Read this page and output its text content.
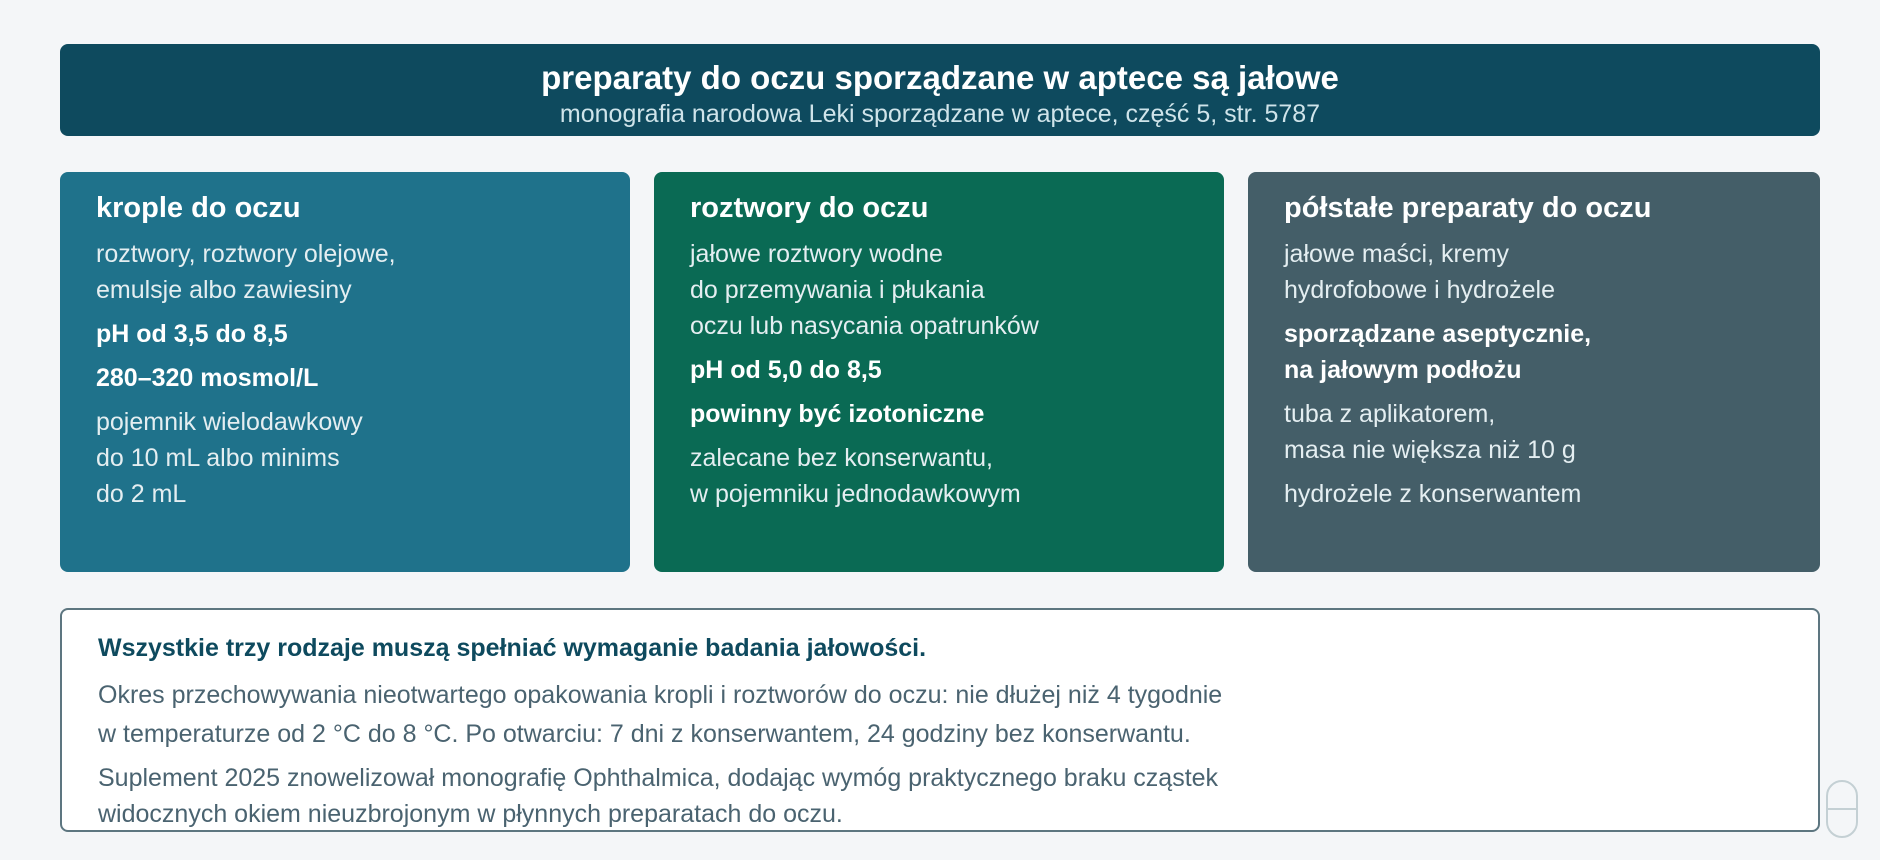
preparaty do oczu sporządzane w aptece są jałowe
monografia narodowa Leki sporządzane w aptece, część 5, str. 5787
krople do oczu
roztwory, roztwory olejowe,
emulsje albo zawiesiny
pH od 3,5 do 8,5
280–320 mosmol/L
pojemnik wielodawkowy
do 10 mL albo minims
do 2 mL
roztwory do oczu
jałowe roztwory wodne
do przemywania i płukania
oczu lub nasycania opatrunków
pH od 5,0 do 8,5
powinny być izotoniczne
zalecane bez konserwantu,
w pojemniku jednodawkowym
półstałe preparaty do oczu
jałowe maści, kremy
hydrofobowe i hydrożele
sporządzane aseptycznie,
na jałowym podłożu
tuba z aplikatorem,
masa nie większa niż 10 g
hydrożele z konserwantem
Wszystkie trzy rodzaje muszą spełniać wymaganie badania jałowości.
Okres przechowywania nieotwartego opakowania kropli i roztworów do oczu: nie dłużej niż 4 tygodnie
w temperaturze od 2 °C do 8 °C. Po otwarciu: 7 dni z konserwantem, 24 godziny bez konserwantu.
Suplement 2025 znowelizował monografię Ophthalmica, dodając wymóg praktycznego braku cząstek
widocznych okiem nieuzbrojonym w płynnych preparatach do oczu.
